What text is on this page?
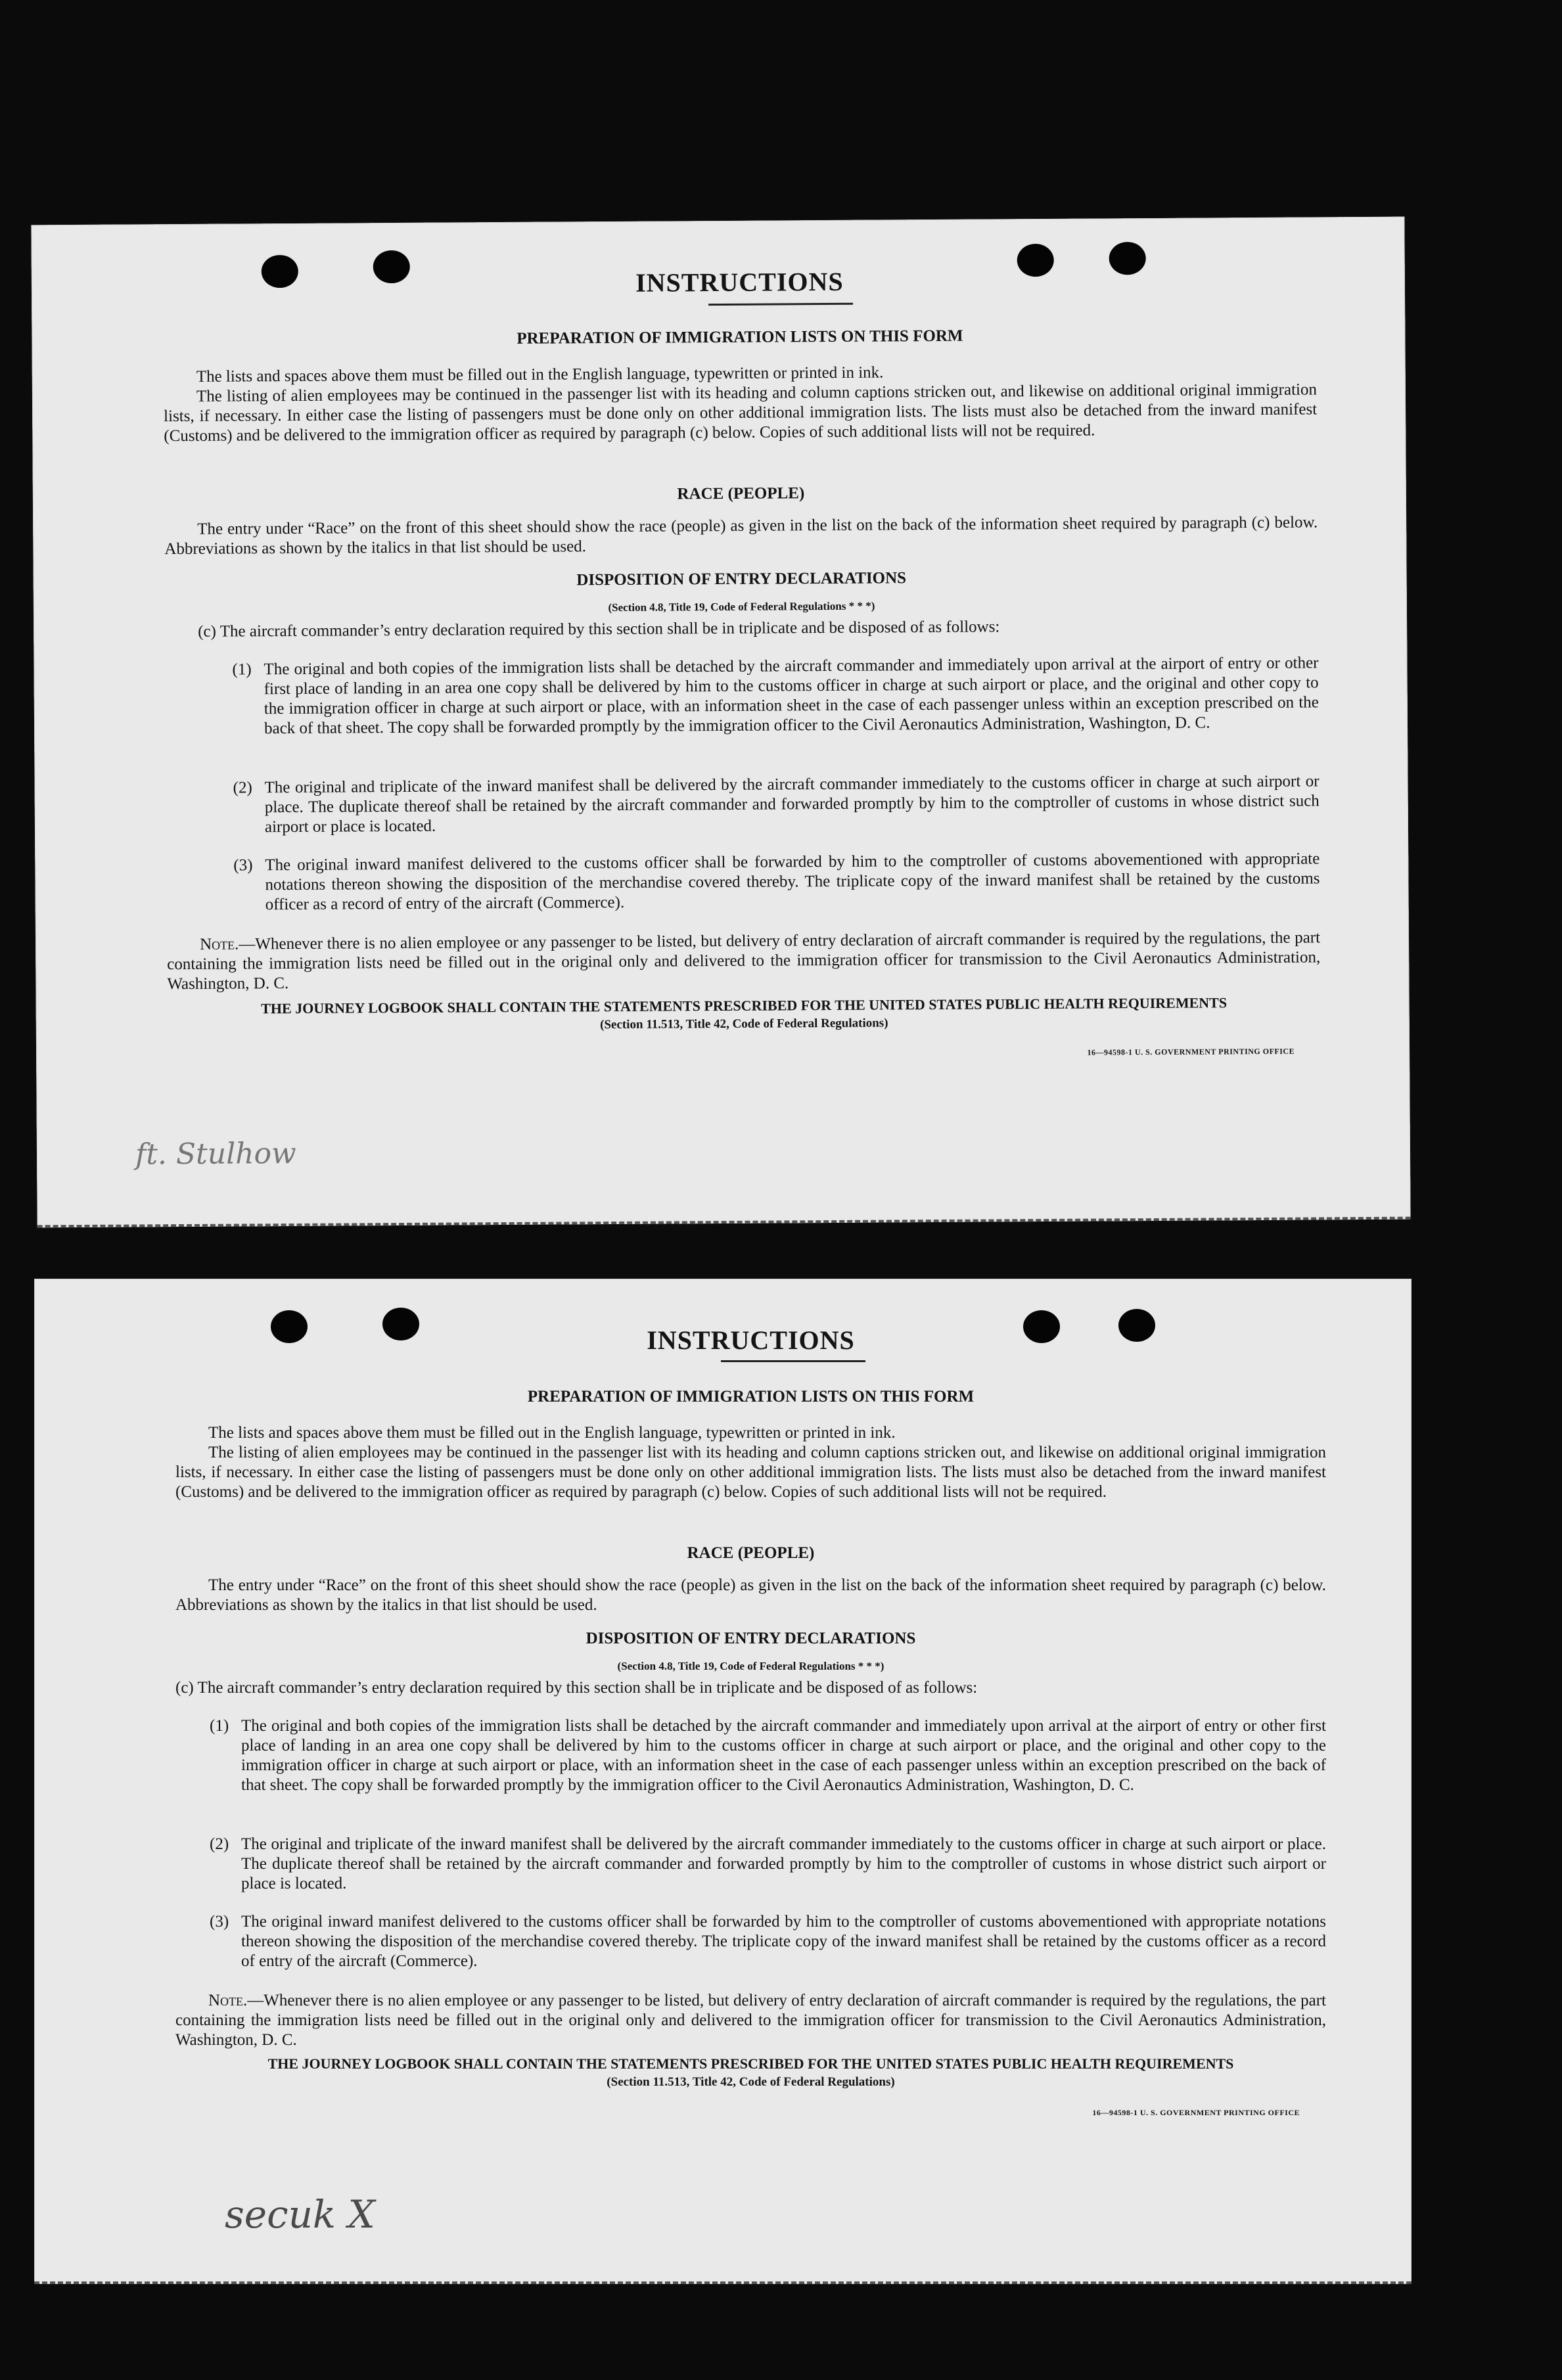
INSTRUCTIONS
PREPARATION OF IMMIGRATION LISTS ON THIS FORM
The lists and spaces above them must be filled out in the English language, typewritten or printed in ink.
The listing of alien employees may be continued in the passenger list with its heading and column captions stricken out, and likewise on additional original immigration lists, if necessary. In either case the listing of passengers must be done only on other additional immigration lists. The lists must also be detached from the inward manifest (Customs) and be delivered to the immigration officer as required by paragraph (c) below. Copies of such additional lists will not be required.
RACE (PEOPLE)
The entry under “Race” on the front of this sheet should show the race (people) as given in the list on the back of the information sheet required by paragraph (c) below. Abbreviations as shown by the italics in that list should be used.
DISPOSITION OF ENTRY DECLARATIONS
(Section 4.8, Title 19, Code of Federal Regulations * * *)
(c) The aircraft commander’s entry declaration required by this section shall be in triplicate and be disposed of as follows:
(1) The original and both copies of the immigration lists shall be detached by the aircraft commander and immediately upon arrival at the airport of entry or other first place of landing in an area one copy shall be delivered by him to the customs officer in charge at such airport or place, and the original and other copy to the immigration officer in charge at such airport or place, with an information sheet in the case of each passenger unless within an exception prescribed on the back of that sheet. The copy shall be forwarded promptly by the immigration officer to the Civil Aeronautics Administration, Washington, D. C.
(2) The original and triplicate of the inward manifest shall be delivered by the aircraft commander immediately to the customs officer in charge at such airport or place. The duplicate thereof shall be retained by the aircraft commander and forwarded promptly by him to the comptroller of customs in whose district such airport or place is located.
(3) The original inward manifest delivered to the customs officer shall be forwarded by him to the comptroller of customs abovementioned with appropriate notations thereon showing the disposition of the merchandise covered thereby. The triplicate copy of the inward manifest shall be retained by the customs officer as a record of entry of the aircraft (Commerce).
Note.—Whenever there is no alien employee or any passenger to be listed, but delivery of entry declaration of aircraft commander is required by the regulations, the part containing the immigration lists need be filled out in the original only and delivered to the immigration officer for transmission to the Civil Aeronautics Administration, Washington, D. C.
THE JOURNEY LOGBOOK SHALL CONTAIN THE STATEMENTS PRESCRIBED FOR THE UNITED STATES PUBLIC HEALTH REQUIREMENTS
(Section 11.513, Title 42, Code of Federal Regulations)
16—94598-1 U. S. GOVERNMENT PRINTING OFFICE
ft. Stulhow
INSTRUCTIONS
PREPARATION OF IMMIGRATION LISTS ON THIS FORM
The lists and spaces above them must be filled out in the English language, typewritten or printed in ink.
The listing of alien employees may be continued in the passenger list with its heading and column captions stricken out, and likewise on additional original immigration lists, if necessary. In either case the listing of passengers must be done only on other additional immigration lists. The lists must also be detached from the inward manifest (Customs) and be delivered to the immigration officer as required by paragraph (c) below. Copies of such additional lists will not be required.
RACE (PEOPLE)
The entry under “Race” on the front of this sheet should show the race (people) as given in the list on the back of the information sheet required by paragraph (c) below. Abbreviations as shown by the italics in that list should be used.
DISPOSITION OF ENTRY DECLARATIONS
(Section 4.8, Title 19, Code of Federal Regulations * * *)
(c) The aircraft commander’s entry declaration required by this section shall be in triplicate and be disposed of as follows:
(1) The original and both copies of the immigration lists shall be detached by the aircraft commander and immediately upon arrival at the airport of entry or other first place of landing in an area one copy shall be delivered by him to the customs officer in charge at such airport or place, and the original and other copy to the immigration officer in charge at such airport or place, with an information sheet in the case of each passenger unless within an exception prescribed on the back of that sheet. The copy shall be forwarded promptly by the immigration officer to the Civil Aeronautics Administration, Washington, D. C.
(2) The original and triplicate of the inward manifest shall be delivered by the aircraft commander immediately to the customs officer in charge at such airport or place. The duplicate thereof shall be retained by the aircraft commander and forwarded promptly by him to the comptroller of customs in whose district such airport or place is located.
(3) The original inward manifest delivered to the customs officer shall be forwarded by him to the comptroller of customs abovementioned with appropriate notations thereon showing the disposition of the merchandise covered thereby. The triplicate copy of the inward manifest shall be retained by the customs officer as a record of entry of the aircraft (Commerce).
Note.—Whenever there is no alien employee or any passenger to be listed, but delivery of entry declaration of aircraft commander is required by the regulations, the part containing the immigration lists need be filled out in the original only and delivered to the immigration officer for transmission to the Civil Aeronautics Administration, Washington, D. C.
THE JOURNEY LOGBOOK SHALL CONTAIN THE STATEMENTS PRESCRIBED FOR THE UNITED STATES PUBLIC HEALTH REQUIREMENTS
(Section 11.513, Title 42, Code of Federal Regulations)
16—94598-1 U. S. GOVERNMENT PRINTING OFFICE
secuk X
